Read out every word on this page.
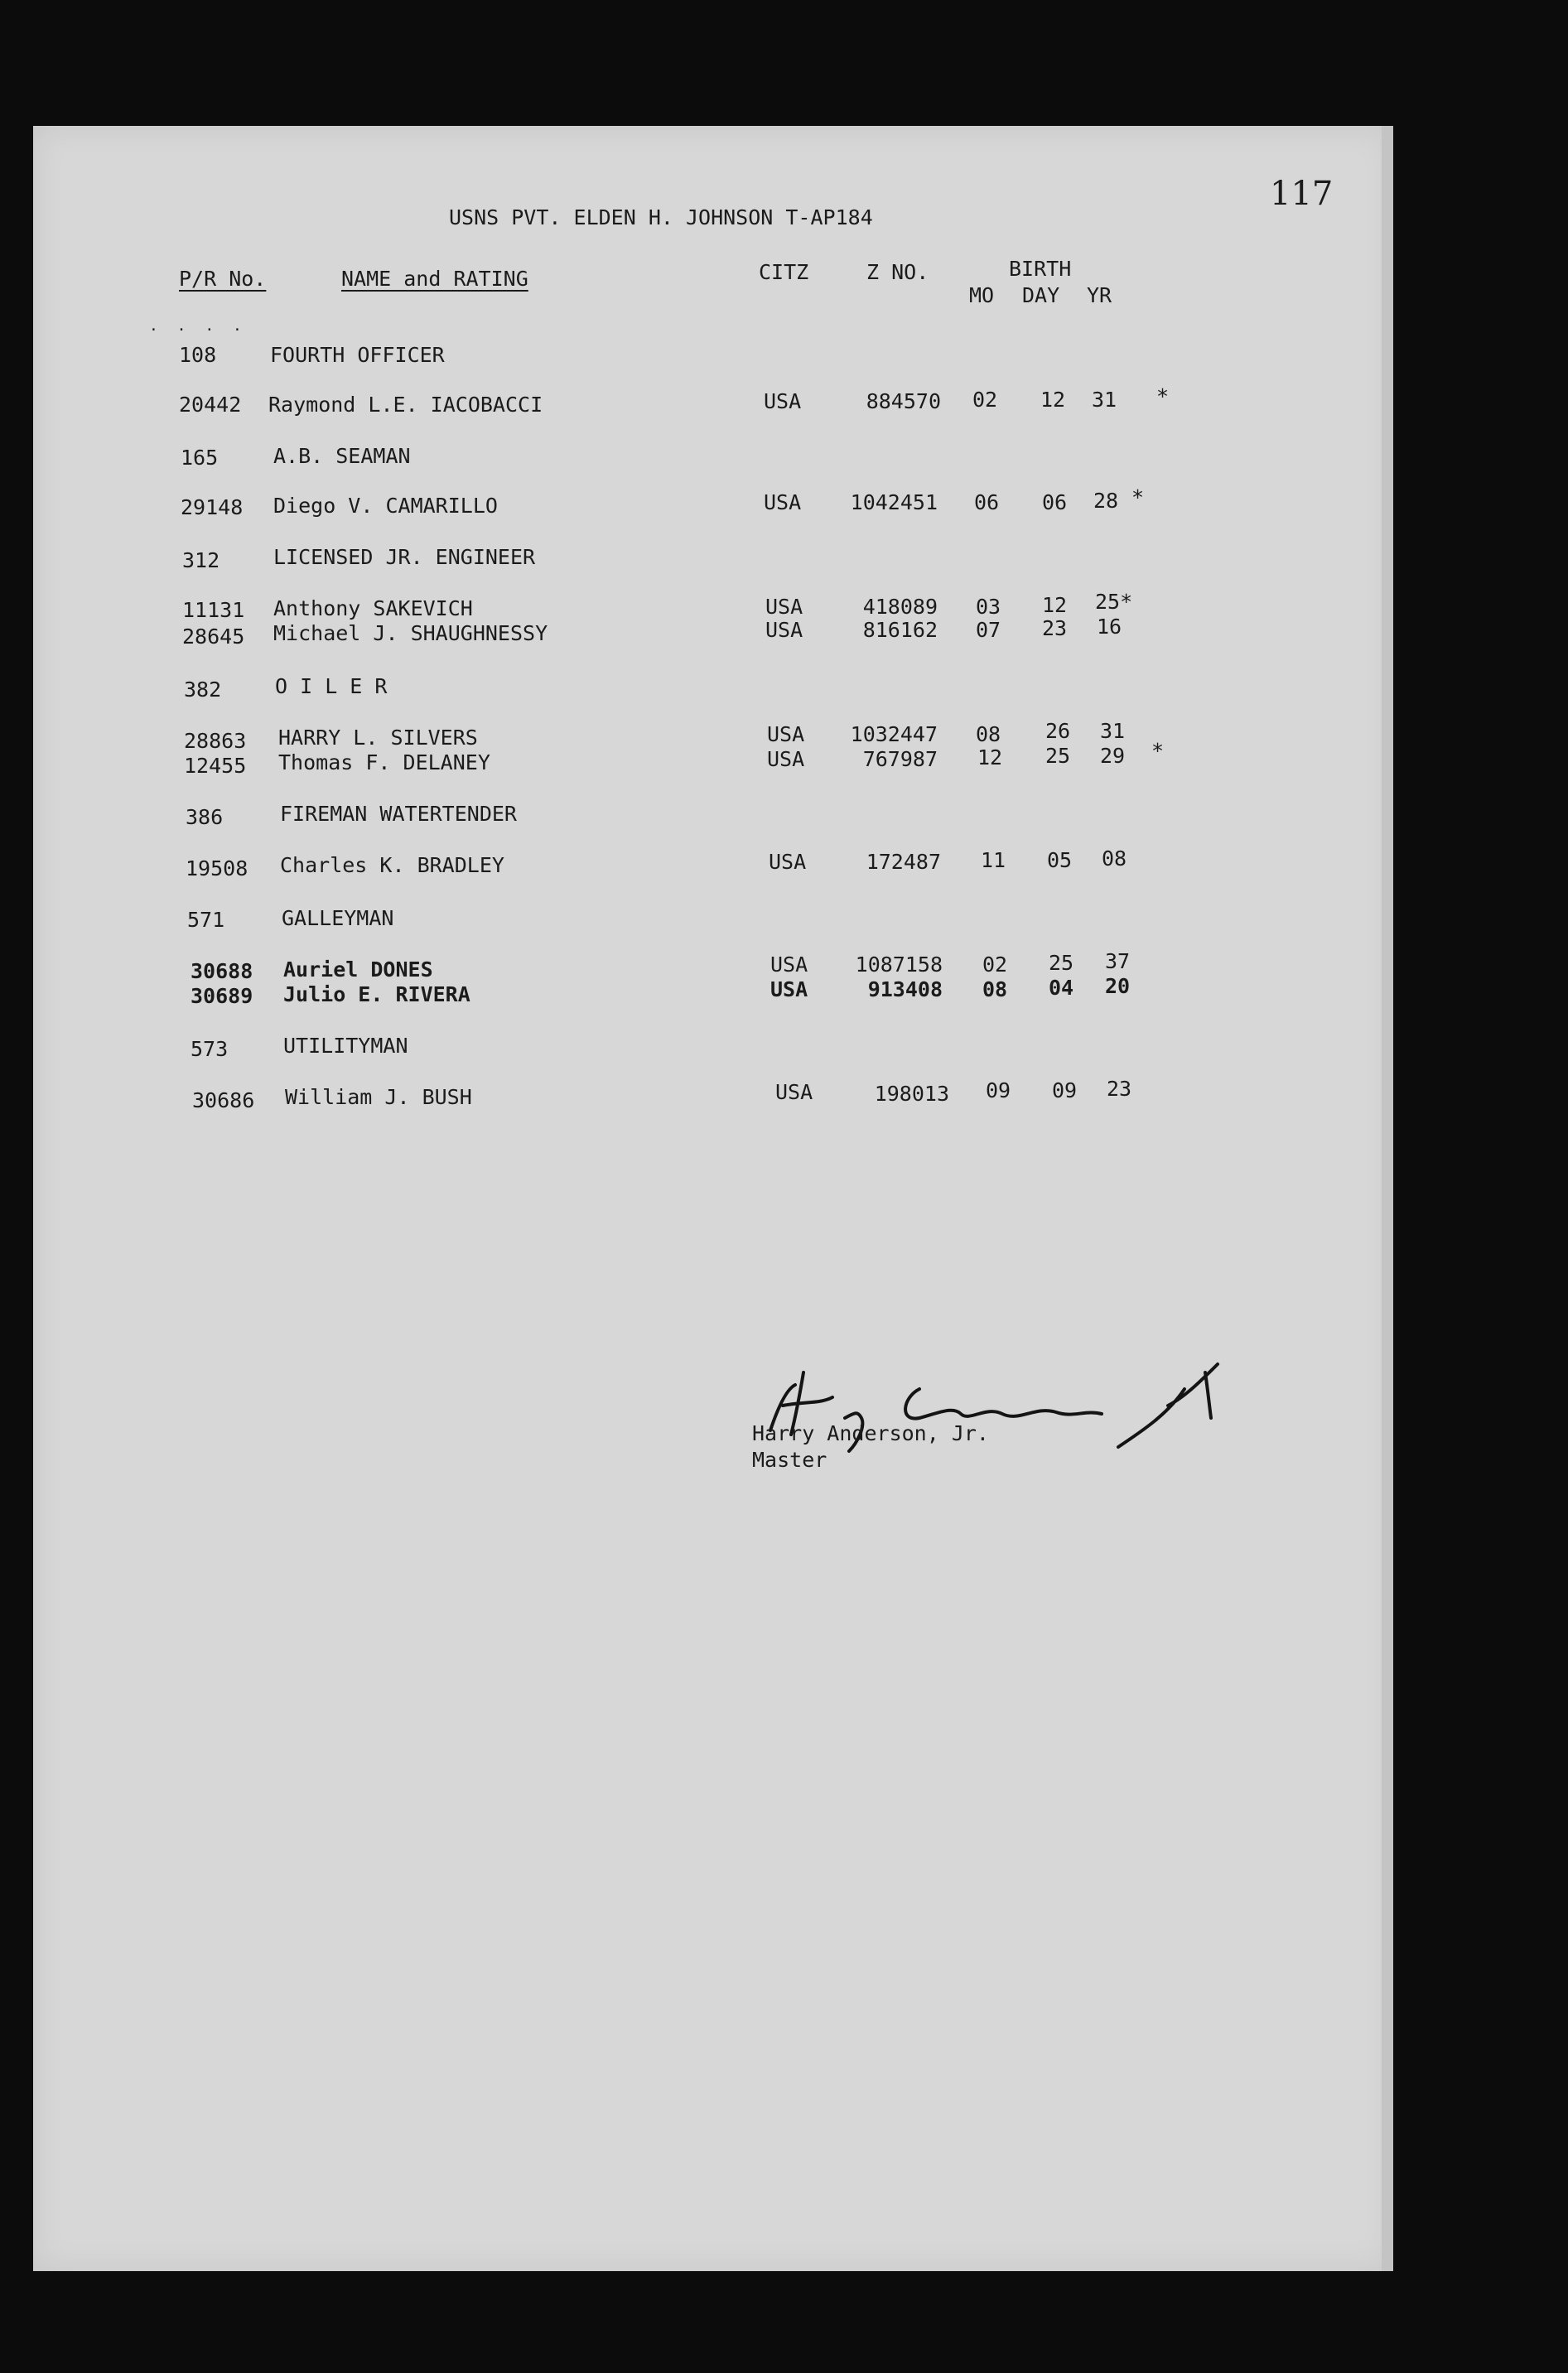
· · · ·
117
USNS PVT. ELDEN H. JOHNSON T-AP184
P/R No.	NAME and RATING	CITZ	Z NO.	BIRTH
MO DAY YR
108	FOURTH OFFICER
20442 Raymond L.E. IACOBACCI	USA	884570 02 12 31 *
165	A.B. SEAMAN
29148 Diego V. CAMARILLO	USA	1042451 06 06 28 *
312	LICENSED JR. ENGINEER
11131 Anthony SAKEVICH	USA	418089 03 12 25*
28645 Michael J. SHAUGHNESSY	USA	816162 07 23 16
382	O I L E R
28863 HARRY L. SILVERS	USA	1032447 08 26 31
12455 Thomas F. DELANEY	USA	767987 12 25 29 *
386	FIREMAN WATERTENDER
19508 Charles K. BRADLEY	USA	172487 11 05 08
571	GALLEYMAN
30688 Auriel DONES	USA	1087158 02 25 37
30689 Julio E. RIVERA	USA	913408 08 04 20
573	UTILITYMAN
30686 William J. BUSH	USA	198013 09 09 23
Harry Anderson, Jr.
Master
